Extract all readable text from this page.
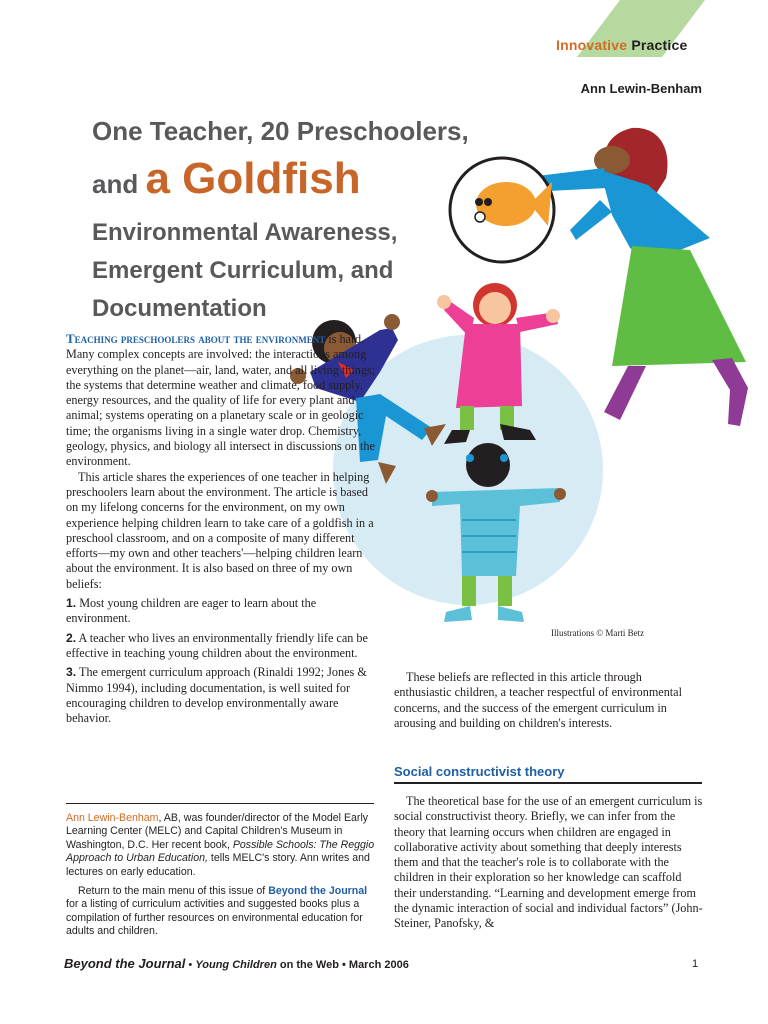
Innovative Practice
Ann Lewin-Benham
One Teacher, 20 Preschoolers,
and a Goldfish
Environmental Awareness,
Emergent Curriculum, and
Documentation
Illustrations © Marti Betz

Teaching preschoolers about the environment is hard. Many complex concepts are involved: the interactions among everything on the planet—air, land, water, and all living things; the systems that determine weather and climate, food supply, energy resources, and the quality of life for every plant and animal; systems operating on a planetary scale or in geologic time; the organisms living in a single water drop. Chemistry, geology, physics, and biology all intersect in discussions on the environment.

This article shares the experiences of one teacher in helping preschoolers learn about the environment. The article is based on my lifelong concerns for the environment, on my own experience helping children learn to take care of a goldfish in a preschool classroom, and on a composite of many different efforts—my own and other teachers'—helping children learn about the environment. It is also based on three of my own beliefs:

1. Most young children are eager to learn about the environment.

2. A teacher who lives an environmentally friendly life can be effective in teaching young children about the environment.

3. The emergent curriculum approach (Rinaldi 1992; Jones & Nimmo 1994), including documentation, is well suited for encouraging children to develop environmentally aware behavior.

Ann Lewin-Benham, AB, was founder/director of the Model Early Learning Center (MELC) and Capital Children's Museum in Washington, D.C. Her recent book, Possible Schools: The Reggio Approach to Urban Education, tells MELC's story. Ann writes and lectures on early education.

Return to the main menu of this issue of Beyond the Journal for a listing of curriculum activities and suggested books plus a compilation of further resources on environmental education for adults and children.

These beliefs are reflected in this article through enthusiastic children, a teacher respectful of environmental concerns, and the success of the emergent curriculum in arousing and building on children's interests.

Social constructivist theory

The theoretical base for the use of an emergent curriculum is social constructivist theory. Briefly, we can infer from the theory that learning occurs when children are engaged in collaborative activity about something that deeply interests them and that the teacher's role is to collaborate with the children in their exploration so her knowledge can scaffold their understanding. “Learning and development emerge from the dynamic interaction of social and individual factors” (John-Steiner, Panofsky, &

Beyond the Journal • Young Children on the Web • March 2006	1
